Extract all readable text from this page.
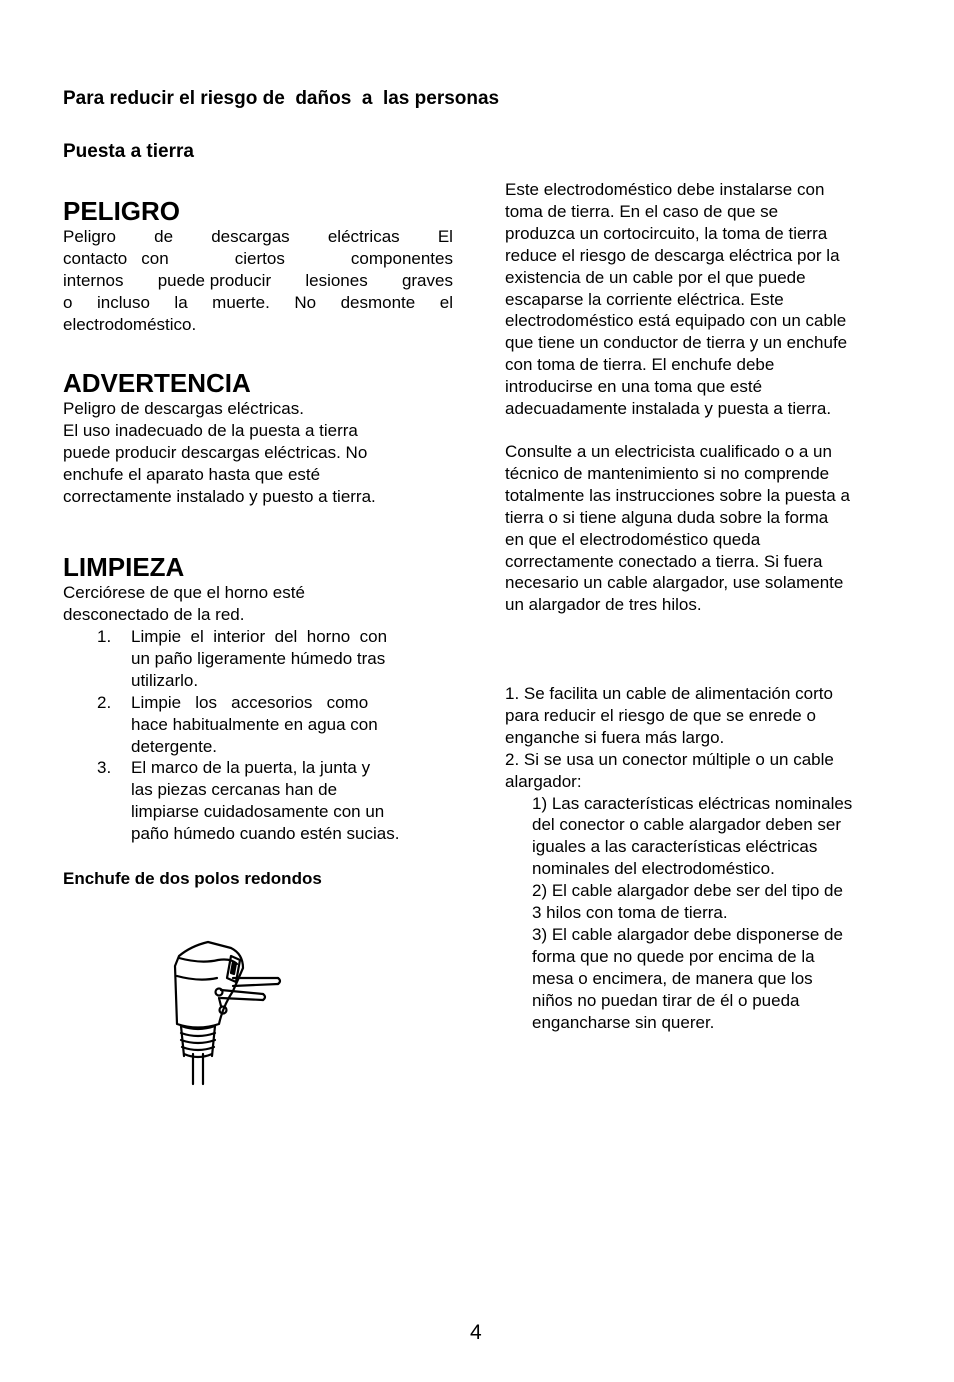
Para reducir el riesgo de  daños  a  las personas
Puesta a tierra
PELIGRO
Peligro de descargas eléctricas El
contacto con	ciertos	componentes
internos puede producir lesiones graves
o incluso la muerte. No desmonte el
electrodoméstico.
ADVERTENCIA
Peligro de descargas eléctricas.
El uso inadecuado de la puesta a tierra
puede producir descargas eléctricas. No
enchufe el aparato hasta que esté
correctamente instalado y puesto a tierra.
LIMPIEZA
Cerciórese de que el horno esté
desconectado de la red.
1. Limpie  el  interior  del  horno  con
un paño ligeramente húmedo tras
utilizarlo.
2. Limpie   los   accesorios   como
hace habitualmente en agua con
detergente.
3. El marco de la puerta, la junta y
las piezas cercanas han de
limpiarse cuidadosamente con un
paño húmedo cuando estén sucias.
Enchufe de dos polos redondos
Este electrodoméstico debe instalarse con
toma de tierra. En el caso de que se
produzca un cortocircuito, la toma de tierra
reduce el riesgo de descarga eléctrica por la
existencia de un cable por el que puede
escaparse la corriente eléctrica. Este
electrodoméstico está equipado con un cable
que tiene un conductor de tierra y un enchufe
con toma de tierra. El enchufe debe
introducirse en una toma que esté
adecuadamente instalada y puesta a tierra.
Consulte a un electricista cualificado o a un
técnico de mantenimiento si no comprende
totalmente las instrucciones sobre la puesta a
tierra o si tiene alguna duda sobre la forma
en que el electrodoméstico queda
correctamente conectado a tierra. Si fuera
necesario un cable alargador, use solamente
un alargador de tres hilos.
1. Se facilita un cable de alimentación corto
para reducir el riesgo de que se enrede o
enganche si fuera más largo.
2. Si se usa un conector múltiple o un cable
alargador:
1) Las características eléctricas nominales
del conector o cable alargador deben ser
iguales a las características eléctricas
nominales del electrodoméstico.
2) El cable alargador debe ser del tipo de
3 hilos con toma de tierra.
3) El cable alargador debe disponerse de
forma que no quede por encima de la
mesa o encimera, de manera que los
niños no puedan tirar de él o pueda
engancharse sin querer.
4
